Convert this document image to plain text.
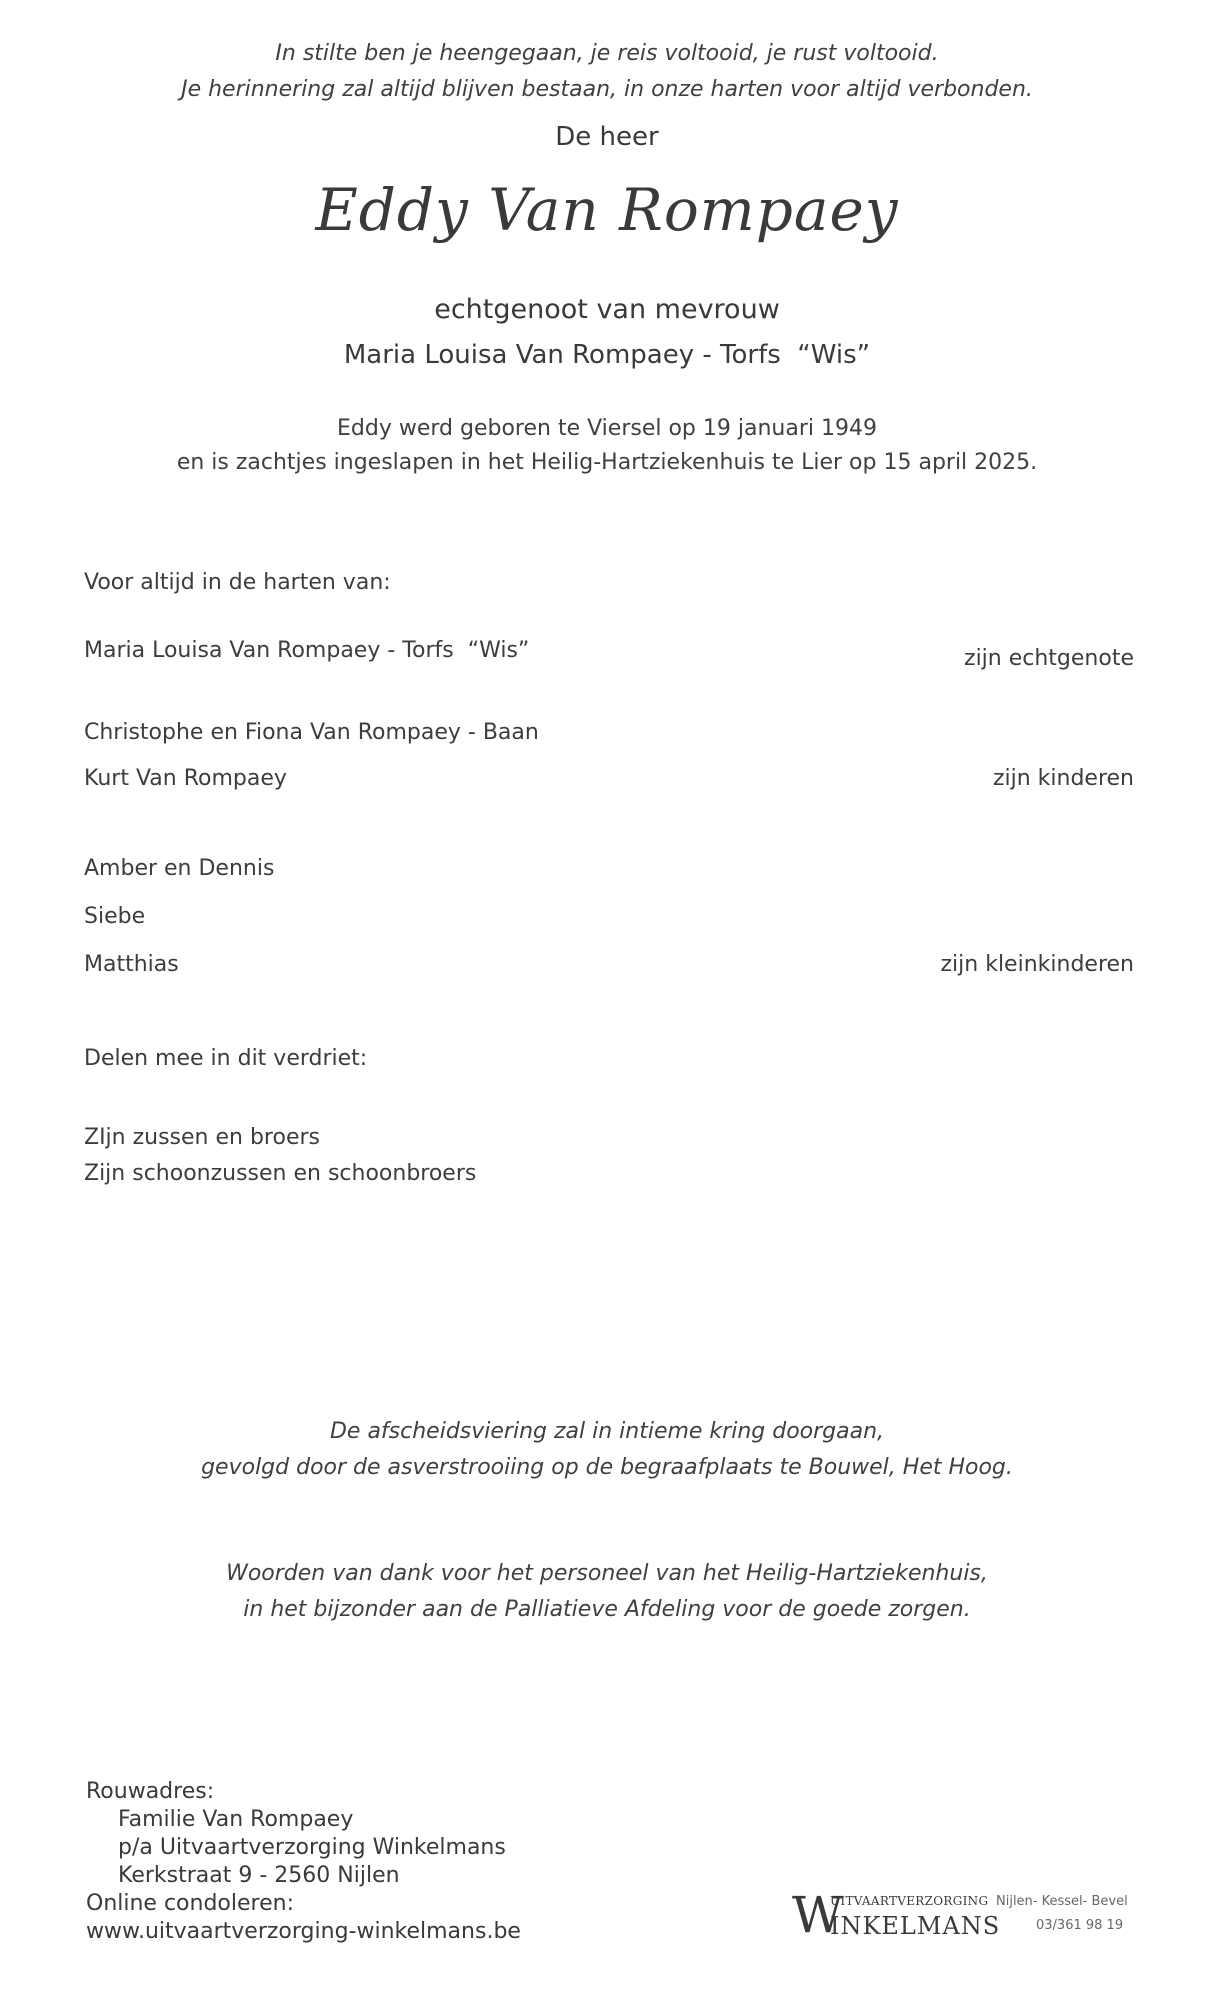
In stilte ben je heengegaan, je reis voltooid, je rust voltooid.
Je herinnering zal altijd blijven bestaan, in onze harten voor altijd verbonden.
De heer
Eddy Van Rompaey
echtgenoot van mevrouw
Maria Louisa Van Rompaey - Torfs  “Wis”
Eddy werd geboren te Viersel op 19 januari 1949
en is zachtjes ingeslapen in het Heilig-Hartziekenhuis te Lier op 15 april 2025.
Voor altijd in de harten van:
Maria Louisa Van Rompaey - Torfs  “Wis”	zijn echtgenote
Christophe en Fiona Van Rompaey - Baan
Kurt Van Rompaey	zijn kinderen
Amber en Dennis
Siebe
Matthias	zijn kleinkinderen
Delen mee in dit verdriet:
ZIjn zussen en broers
Zijn schoonzussen en schoonbroers
De afscheidsviering zal in intieme kring doorgaan,
gevolgd door de asverstrooiing op de begraafplaats te Bouwel, Het Hoog.
Woorden van dank voor het personeel van het Heilig-Hartziekenhuis,
in het bijzonder aan de Palliatieve Afdeling voor de goede zorgen.
Rouwadres:
Familie Van Rompaey
p/a Uitvaartverzorging Winkelmans
Kerkstraat 9 - 2560 Nijlen
Online condoleren:
www.uitvaartverzorging-winkelmans.be	W
UITVAARTVERZORGING
INKELMANS
Nijlen- Kessel- Bevel
03/361 98 19
